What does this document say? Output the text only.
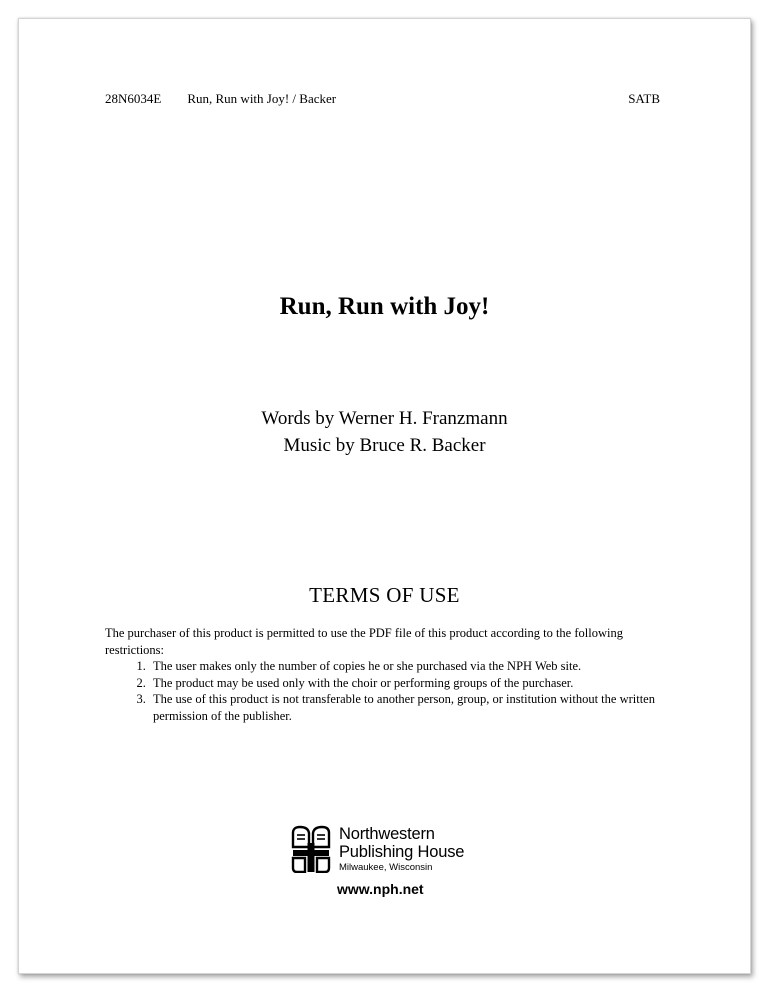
28N6034E Run, Run with Joy! / Backer	SATB
Run, Run with Joy!
Words by Werner H. Franzmann
Music by Bruce R. Backer
TERMS OF USE
The purchaser of this product is permitted to use the PDF file of this product according to the following restrictions:
1. The user makes only the number of copies he or she purchased via the NPH Web site.
2. The product may be used only with the choir or performing groups of the purchaser.
3. The use of this product is not transferable to another person, group, or institution without the written permission of the publisher.
Northwestern
Publishing House
Milwaukee, Wisconsin
www.nph.net
